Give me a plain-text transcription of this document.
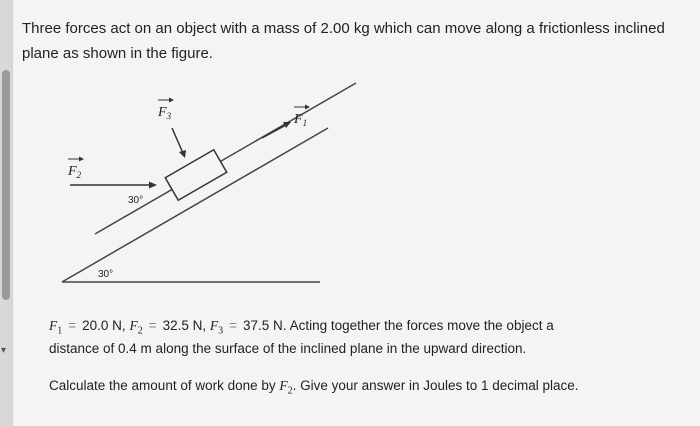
▾
Three forces act on an object with a mass of 2.00 kg which can move along a frictionless inclined plane as shown in the figure.
$F_2$
$F_3$	$F_1$
30°
30°
$F_1 = 20.0$ N, $F_2 = 32.5$ N, $F_3 = 37.5$ N. Acting together the forces move the object a
distance of 0.4 m along the surface of the inclined plane in the upward direction.
Calculate the amount of work done by $F_2$. Give your answer in Joules to 1 decimal place.
